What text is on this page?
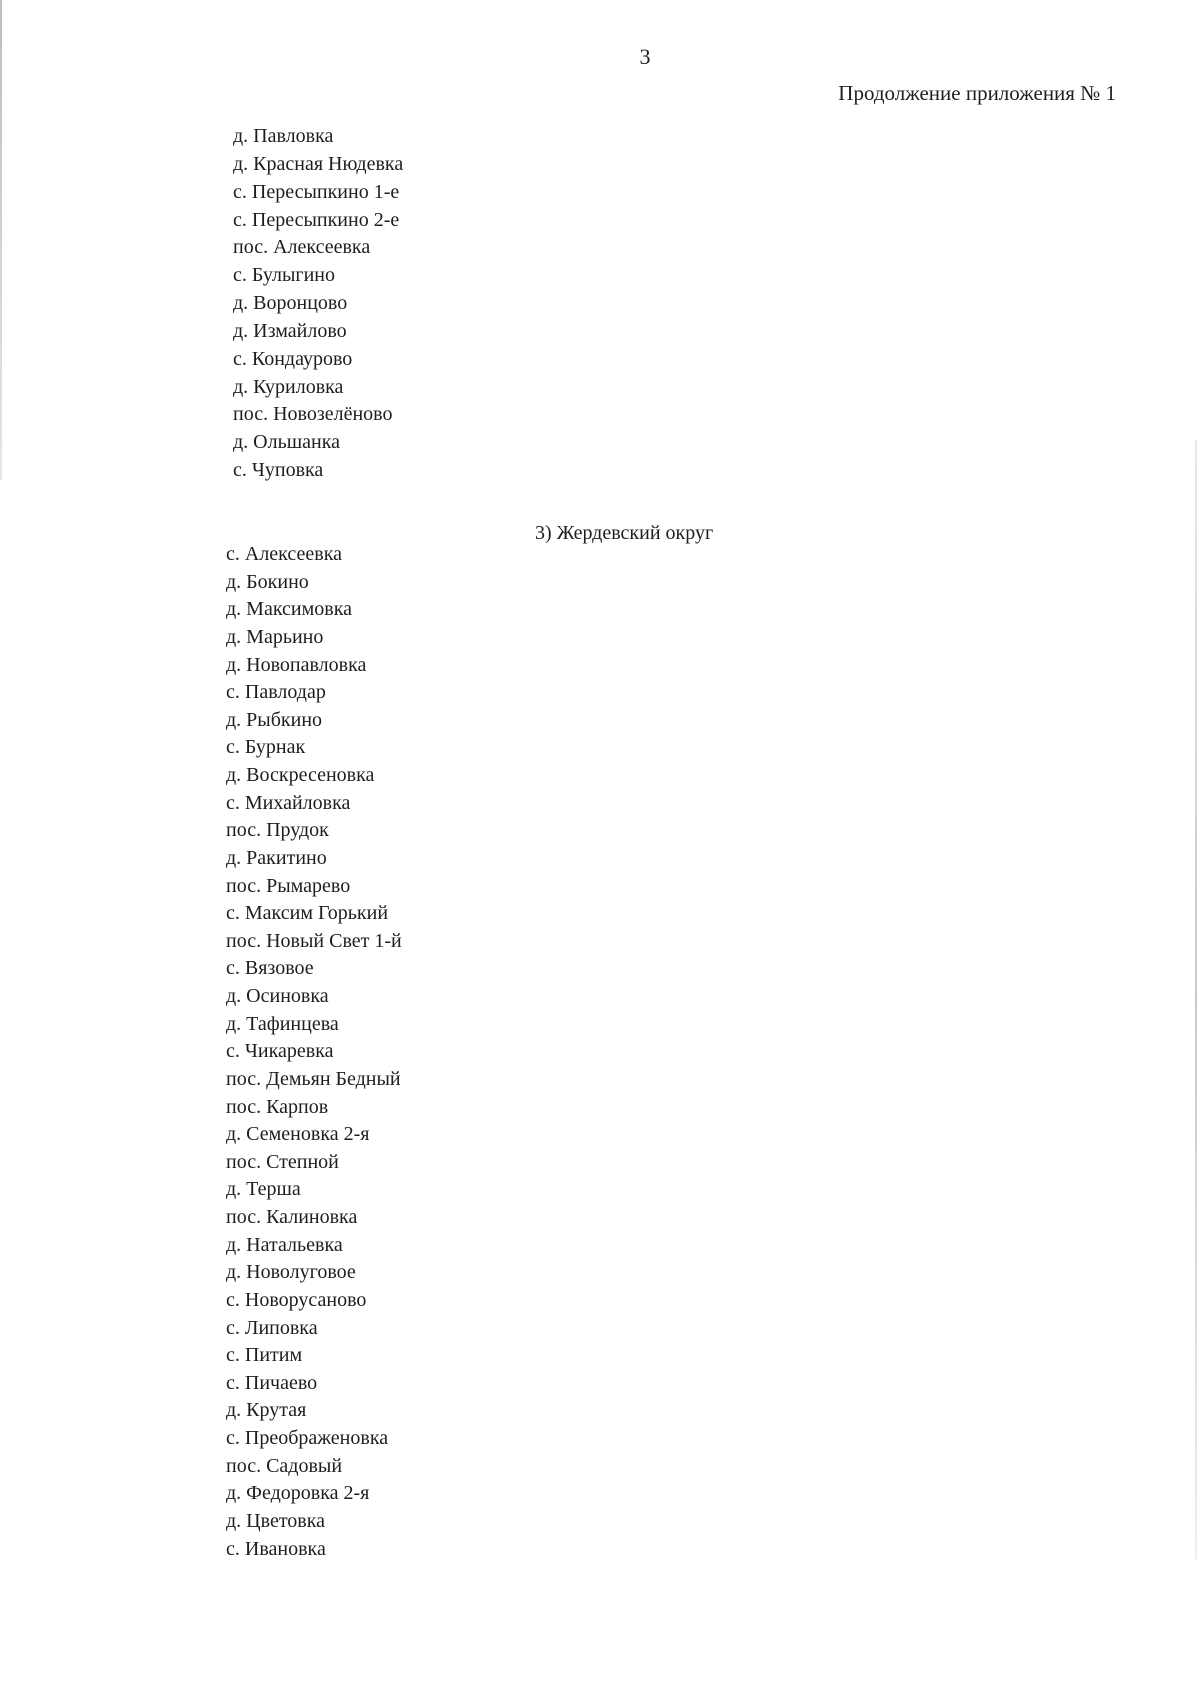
3
Продолжение приложения № 1
д. Павловка
д. Красная Нюдевка
с. Пересыпкино 1-е
с. Пересыпкино 2-е
пос. Алексеевка
с. Булыгино
д. Воронцово
д. Измайлово
с. Кондаурово
д. Куриловка
пос. Новозелёново
д. Ольшанка
с. Чуповка
3) Жердевский округ
с. Алексеевка
д. Бокино
д. Максимовка
д. Марьино
д. Новопавловка
с. Павлодар
д. Рыбкино
с. Бурнак
д. Воскресеновка
с. Михайловка
пос. Прудок
д. Ракитино
пос. Рымарево
с. Максим Горький
пос. Новый Свет 1-й
с. Вязовое
д. Осиновка
д. Тафинцева
с. Чикаревка
пос. Демьян Бедный
пос. Карпов
д. Семеновка 2-я
пос. Степной
д. Терша
пос. Калиновка
д. Натальевка
д. Новолуговое
с. Новорусаново
с. Липовка
с. Питим
с. Пичаево
д. Крутая
с. Преображеновка
пос. Садовый
д. Федоровка 2-я
д. Цветовка
с. Ивановка
